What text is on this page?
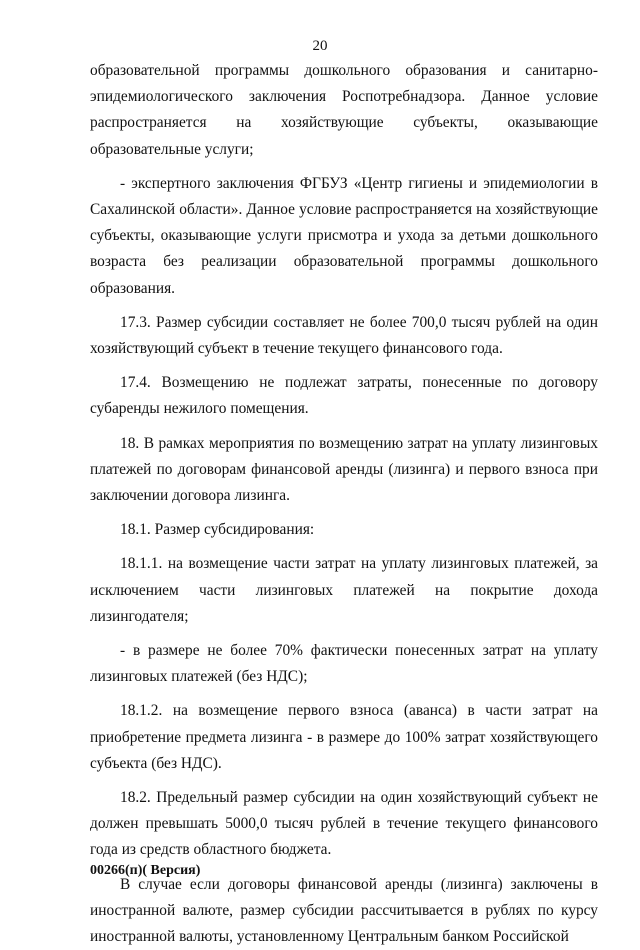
20

образовательной программы дошкольного образования и санитарно-эпидемиологического заключения Роспотребнадзора. Данное условие распространяется на хозяйствующие субъекты, оказывающие образовательные услуги;

- экспертного заключения ФГБУЗ «Центр гигиены и эпидемиологии в Сахалинской области». Данное условие распространяется на хозяйствующие субъекты, оказывающие услуги присмотра и ухода за детьми дошкольного возраста без реализации образовательной программы дошкольного образования.

17.3. Размер субсидии составляет не более 700,0 тысяч рублей на один хозяйствующий субъект в течение текущего финансового года.

17.4. Возмещению не подлежат затраты, понесенные по договору субаренды нежилого помещения.

18. В рамках мероприятия по возмещению затрат на уплату лизинговых платежей по договорам финансовой аренды (лизинга) и первого взноса при заключении договора лизинга.

18.1. Размер субсидирования:

18.1.1. на возмещение части затрат на уплату лизинговых платежей, за исключением части лизинговых платежей на покрытие дохода лизингодателя;

- в размере не более 70% фактически понесенных затрат на уплату лизинговых платежей (без НДС);

18.1.2. на возмещение первого взноса (аванса) в части затрат на приобретение предмета лизинга - в размере до 100% затрат хозяйствующего субъекта (без НДС).

18.2. Предельный размер субсидии на один хозяйствующий субъект не должен превышать 5000,0 тысяч рублей в течение текущего финансового года из средств областного бюджета.

В случае если договоры финансовой аренды (лизинга) заключены в иностранной валюте, размер субсидии рассчитывается в рублях по курсу иностранной валюты, установленному Центральным банком Российской

00266(п)( Версия)
